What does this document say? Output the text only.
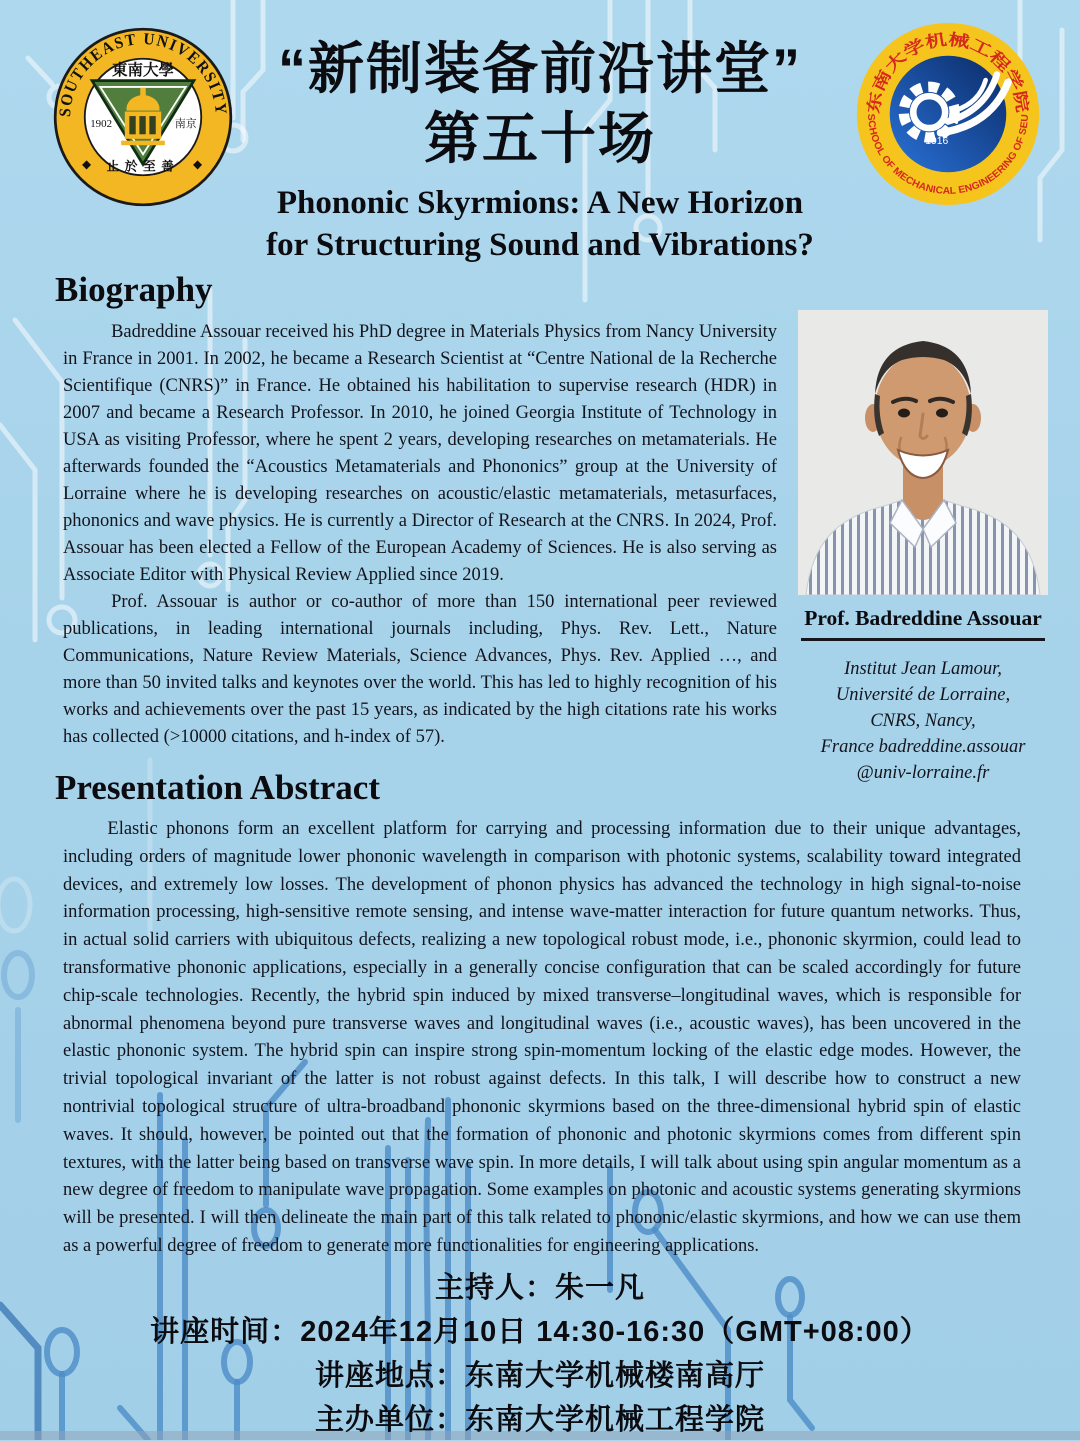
SOUTHEAST UNIVERSITY
◆	◆
東南大學
1902	南京
止於至善
东南大学机械工程学院
SCHOOL OF MECHANICAL ENGINEERING OF SEU
1916
“新制装备前沿讲堂”
第五十场
Phononic Skyrmions: A New Horizon
for Structuring Sound and Vibrations?
Biography

Badreddine Assouar received his PhD degree in Materials Physics from Nancy University in France in 2001. In 2002, he became a Research Scientist at “Centre National de la Recherche Scientifique (CNRS)” in France. He obtained his habilitation to supervise research (HDR) in 2007 and became a Research Professor. In 2010, he joined Georgia Institute of Technology in USA as visiting Professor, where he spent 2 years, developing researches on metamaterials. He afterwards founded the “Acoustics Metamaterials and Phononics” group at the University of Lorraine where he is developing researches on acoustic/elastic metamaterials, metasurfaces, phononics and wave physics. He is currently a Director of Research at the CNRS. In 2024, Prof. Assouar has been elected a Fellow of the European Academy of Sciences. He is also serving as Associate Editor with Physical Review Applied since 2019.

Prof. Assouar is author or co-author of more than 150 international peer reviewed publications, in leading international journals including, Phys. Rev. Lett., Nature Communications, Nature Review Materials, Science Advances, Phys. Rev. Applied …, and more than 50 invited talks and keynotes over the world. This has led to highly recognition of his works and achievements over the past 15 years, as indicated by the high citations rate his works has collected (>10000 citations, and h-index of 57).

Prof. Badreddine Assouar
Institut Jean Lamour,
Université de Lorraine,
CNRS, Nancy,
France badreddine.assouar
@univ-lorraine.fr
Presentation Abstract

Elastic phonons form an excellent platform for carrying and processing information due to their unique advantages, including orders of magnitude lower phononic wavelength in comparison with photonic systems, scalability toward integrated devices, and extremely low losses. The development of phonon physics has advanced the technology in high signal-to-noise information processing, high-sensitive remote sensing, and intense wave-matter interaction for future quantum networks. Thus, in actual solid carriers with ubiquitous defects, realizing a new topological robust mode, i.e., phononic skyrmion, could lead to transformative phononic applications, especially in a generally concise configuration that can be scaled accordingly for future chip-scale technologies. Recently, the hybrid spin induced by mixed transverse–longitudinal waves, which is responsible for abnormal phenomena beyond pure transverse waves and longitudinal waves (i.e., acoustic waves), has been uncovered in the elastic phononic system. The hybrid spin can inspire strong spin-momentum locking of the elastic edge modes. However, the trivial topological invariant of the latter is not robust against defects. In this talk, I will describe how to construct a new nontrivial topological structure of ultra-broadband phononic skyrmions based on the three-dimensional hybrid spin of elastic waves. It should, however, be pointed out that the formation of phononic and photonic skyrmions comes from different spin textures, with the latter being based on transverse wave spin. In more details, I will talk about using spin angular momentum as a new degree of freedom to manipulate wave propagation. Some examples on photonic and acoustic systems generating skyrmions will be presented. I will then delineate the main part of this talk related to phononic/elastic skyrmions, and how we can use them as a powerful degree of freedom to generate more functionalities for engineering applications.

主持人：朱一凡
讲座时间：2024年12月10日 14:30-16:30（GMT+08:00）
讲座地点：东南大学机械楼南高厅
主办单位：东南大学机械工程学院
